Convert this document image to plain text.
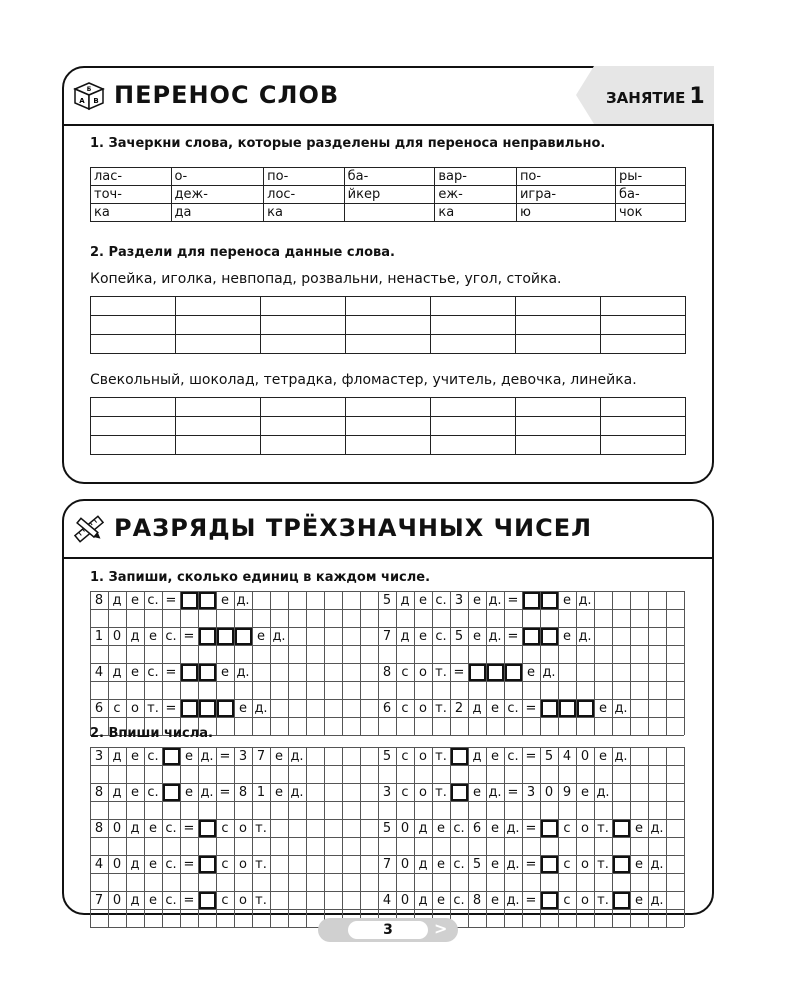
Б
А В ПЕРЕНОС СЛОВ	ЗАНЯТИЕ 1
1. Зачеркни слова, которые разделены для переноса неправильно.
лас-	о-	по-	ба-	вар-	по-	ры-
точ-	деж-	лос-	йкер	еж-	игра-	ба-
ка	да	ка		ка	ю	чок
2. Раздели для переноса данные слова.
Копейка, иголка, невпопад, розвальни, ненастье, угол, стойка.

Свекольный, шоколад, тетрадка, фломастер, учитель, девочка, линейка.

РАЗРЯДЫ ТРЁХЗНАЧНЫХ ЧИСЕЛ
1. Запиши, сколько единиц в каждом числе.
8 д е с. =	е д.	5 д е с. 3 е д. =	е д.
1 0 д е с. =	е д.	7 д е с. 5 е д. =	е д.
4 д е с. =	е д.	8 с о т. =	е д.
6 с о т. =	е д.	6 с о т. 2 д е с. =	е д.
2. Впиши числа.
3 д е с.	е д. = 3 7 е д.	5 с о т.	д е с. = 5 4 0 е д.
8 д е с.	е д. = 8 1 е д.	3 с о т.	е д. = 3 0 9 е д.
8 0 д е с. =	с о т.	5 0 д е с. 6 е д. =	с о т.	е д.
4 0 д е с. =	с о т.	7 0 д е с. 5 е д. =	с о т.	е д.
7 0 д е с. =	с о т.	4 0 д е с. 8 е д. =	с о т.	е д.
3	>
